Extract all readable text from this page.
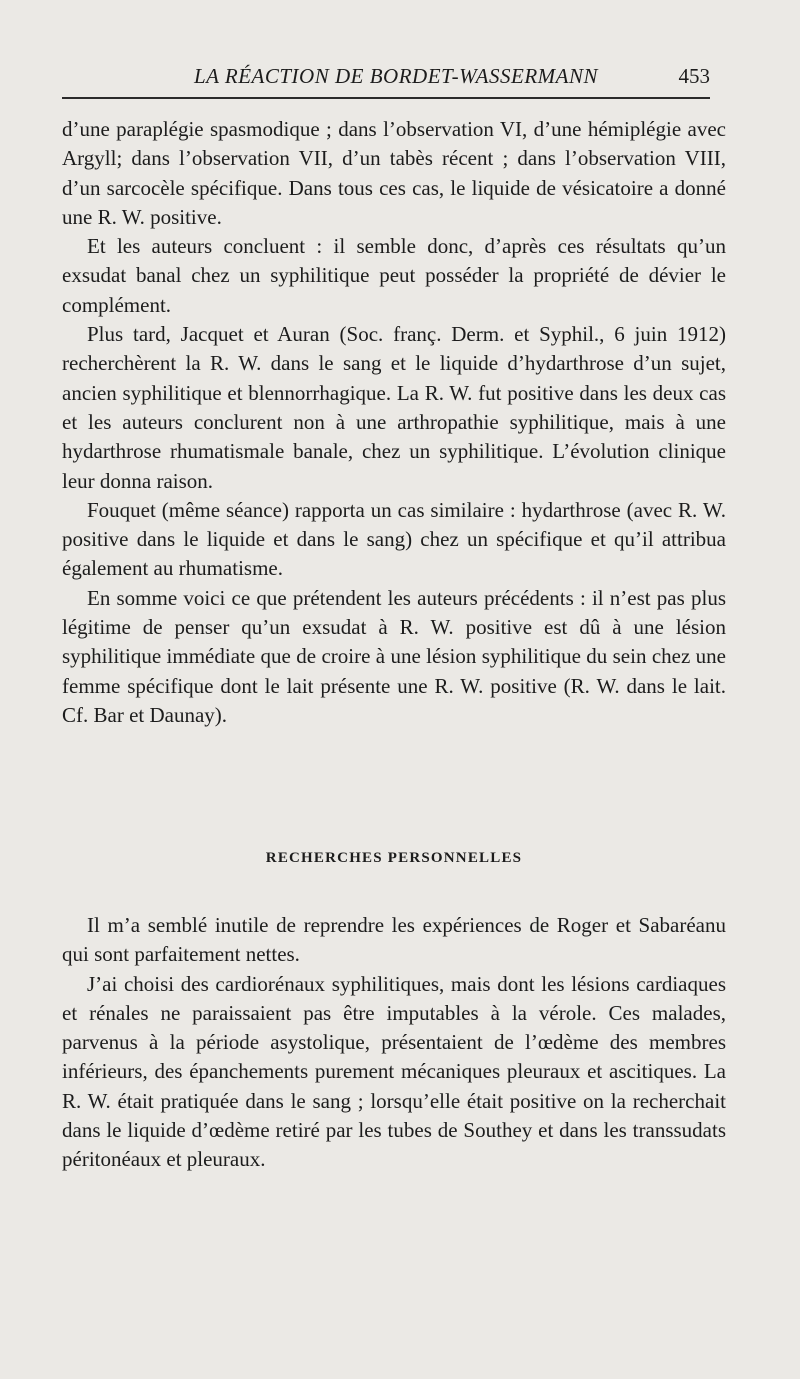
LA RÉACTION DE BORDET-WASSERMANN	453

d’une paraplégie spasmodique ; dans l’observation VI, d’une hémiplégie avec Argyll; dans l’observation VII, d’un tabès récent ; dans l’observation VIII, d’un sarcocèle spécifique. Dans tous ces cas, le liquide de vésicatoire a donné une R. W. positive.

Et les auteurs concluent : il semble donc, d’après ces résultats qu’un exsudat banal chez un syphilitique peut posséder la propriété de dévier le complément.

Plus tard, Jacquet et Auran (Soc. franç. Derm. et Syphil., 6 juin 1912) recherchèrent la R. W. dans le sang et le liquide d’hydarthrose d’un sujet, ancien syphilitique et blennorrhagique. La R. W. fut positive dans les deux cas et les auteurs conclurent non à une arthropathie syphilitique, mais à une hydarthrose rhumatismale banale, chez un syphilitique. L’évolution clinique leur donna raison.

Fouquet (même séance) rapporta un cas similaire : hydarthrose (avec R. W. positive dans le liquide et dans le sang) chez un spécifique et qu’il attribua également au rhumatisme.

En somme voici ce que prétendent les auteurs précédents : il n’est pas plus légitime de penser qu’un exsudat à R. W. positive est dû à une lésion syphilitique immédiate que de croire à une lésion syphilitique du sein chez une femme spécifique dont le lait présente une R. W. positive (R. W. dans le lait. Cf. Bar et Daunay).

RECHERCHES PERSONNELLES

Il m’a semblé inutile de reprendre les expériences de Roger et Sabaréanu qui sont parfaitement nettes.

J’ai choisi des cardiorénaux syphilitiques, mais dont les lésions cardiaques et rénales ne paraissaient pas être imputables à la vérole. Ces malades, parvenus à la période asystolique, présentaient de l’œdème des membres inférieurs, des épanchements purement mécaniques pleuraux et ascitiques. La R. W. était pratiquée dans le sang ; lorsqu’elle était positive on la recherchait dans le liquide d’œdème retiré par les tubes de Southey et dans les transsudats péritonéaux et pleuraux.
